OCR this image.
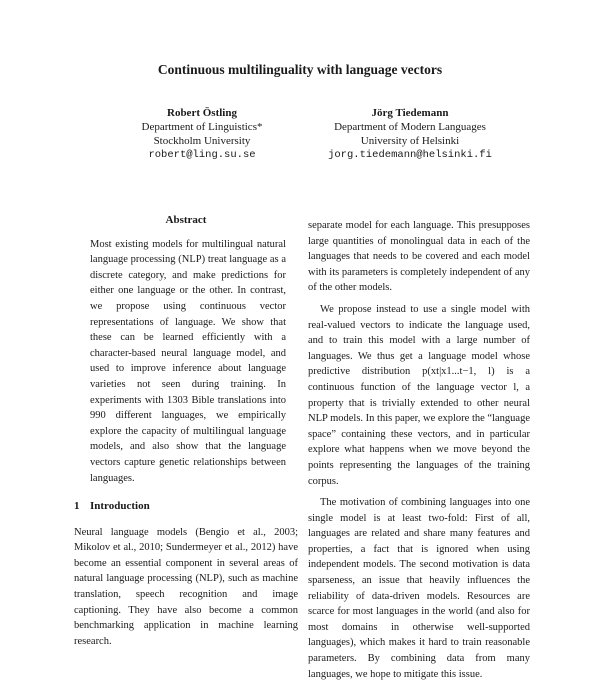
Continuous multilinguality with language vectors
Robert Östling
Department of Linguistics*
Stockholm University
robert@ling.su.se
Jörg Tiedemann
Department of Modern Languages
University of Helsinki
jorg.tiedemann@helsinki.fi
Abstract

Most existing models for multilingual natural language processing (NLP) treat language as a discrete category, and make predictions for either one language or the other. In contrast, we propose using continuous vector representations of language. We show that these can be learned efficiently with a character-based neural language model, and used to improve inference about language varieties not seen during training. In experiments with 1303 Bible translations into 990 different languages, we empirically explore the capacity of multilingual language models, and also show that the language vectors capture genetic relationships between languages.

1 Introduction

Neural language models (Bengio et al., 2003; Mikolov et al., 2010; Sundermeyer et al., 2012) have become an essential component in several areas of natural language processing (NLP), such as machine translation, speech recognition and image captioning. They have also become a common benchmarking application in machine learning research.

separate model for each language. This presupposes large quantities of monolingual data in each of the languages that needs to be covered and each model with its parameters is completely independent of any of the other models.

We propose instead to use a single model with real-valued vectors to indicate the language used, and to train this model with a large number of languages. We thus get a language model whose predictive distribution p(xt|x1...t−1, l) is a continuous function of the language vector l, a property that is trivially extended to other neural NLP models. In this paper, we explore the “language space” containing these vectors, and in particular explore what happens when we move beyond the points representing the languages of the training corpus.

The motivation of combining languages into one single model is at least two-fold: First of all, languages are related and share many features and properties, a fact that is ignored when using independent models. The second motivation is data sparseness, an issue that heavily influences the reliability of data-driven models. Resources are scarce for most languages in the world (and also for most domains in otherwise well-supported languages), which makes it hard to train reasonable parameters. By combining data from many languages, we hope to mitigate this issue.
